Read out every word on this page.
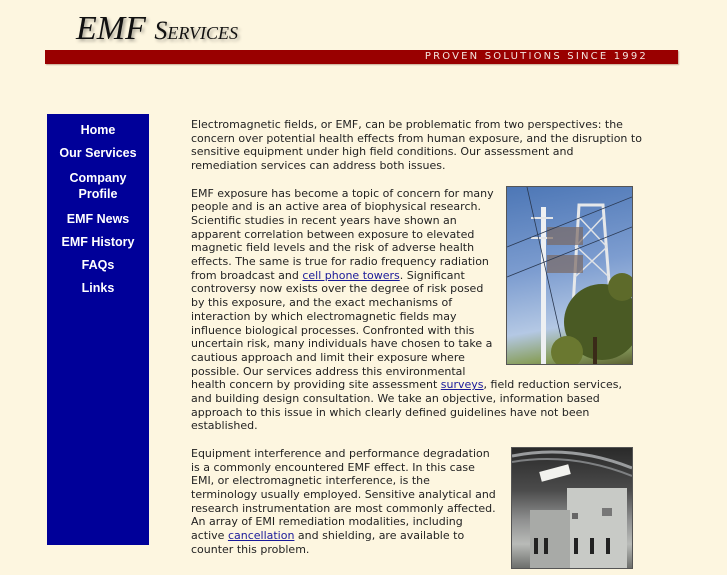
EMF Services
PROVEN SOLUTIONS SINCE 1992
Home
Our Services
Company Profile
EMF News
EMF History
FAQs
Links

Electromagnetic fields, or EMF, can be problematic from two perspectives: the concern over potential health effects from human exposure, and the disruption to sensitive equipment under high field conditions. Our assessment and remediation services can address both issues.

EMF exposure has become a topic of concern for many people and is an active area of biophysical research. Scientific studies in recent years have shown an apparent correlation between exposure to elevated magnetic field levels and the risk of adverse health effects. The same is true for radio frequency radiation from broadcast and cell phone towers. Significant controversy now exists over the degree of risk posed by this exposure, and the exact mechanisms of interaction by which electromagnetic fields may influence biological processes. Confronted with this uncertain risk, many individuals have chosen to take a cautious approach and limit their exposure where possible. Our services address this environmental health concern by providing site assessment surveys, field reduction services, and building design consultation. We take an objective, information based approach to this issue in which clearly defined guidelines have not been established.

Equipment interference and performance degradation is a commonly encountered EMF effect. In this case EMI, or electromagnetic interference, is the terminology usually employed. Sensitive analytical and research instrumentation are most commonly affected. An array of EMI remediation modalities, including active cancellation and shielding, are available to counter this problem.
